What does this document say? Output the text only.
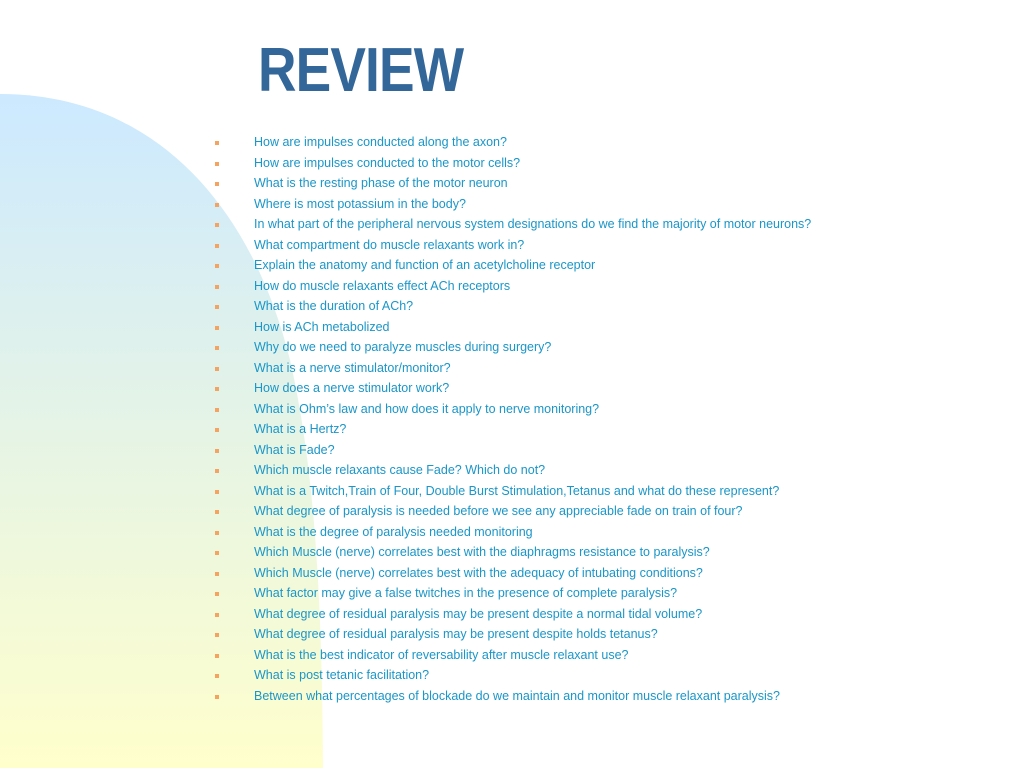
REVIEW
How are impulses conducted along the axon?
How are impulses conducted to the motor cells?
What is the resting phase of the motor neuron
Where is most potassium in the body?
In what part of the peripheral nervous system designations do we find the majority of motor neurons?
What compartment do muscle relaxants work in?
Explain the anatomy and function of an acetylcholine receptor
How do muscle relaxants effect ACh receptors
What is the duration of ACh?
How is ACh metabolized
Why do we need to paralyze muscles during surgery?
What is a nerve stimulator/monitor?
How does a nerve stimulator work?
What is Ohm’s law and how does it apply to nerve monitoring?
What is a Hertz?
What is Fade?
Which muscle relaxants cause Fade? Which do not?
What is a Twitch,Train of Four, Double Burst Stimulation,Tetanus and what do these represent?
What degree of paralysis is needed before we see any appreciable fade on train of four?
What is the degree of paralysis needed monitoring
Which Muscle (nerve) correlates best with the diaphragms resistance to paralysis?
Which Muscle (nerve) correlates best with the adequacy of intubating conditions?
What factor may give a false twitches in the presence of complete paralysis?
What degree of residual paralysis may be present despite a normal tidal volume?
What degree of residual paralysis may be present despite holds tetanus?
What is the best indicator of reversability after muscle relaxant use?
What is post tetanic facilitation?
Between what percentages of blockade do we maintain and monitor muscle relaxant paralysis?
